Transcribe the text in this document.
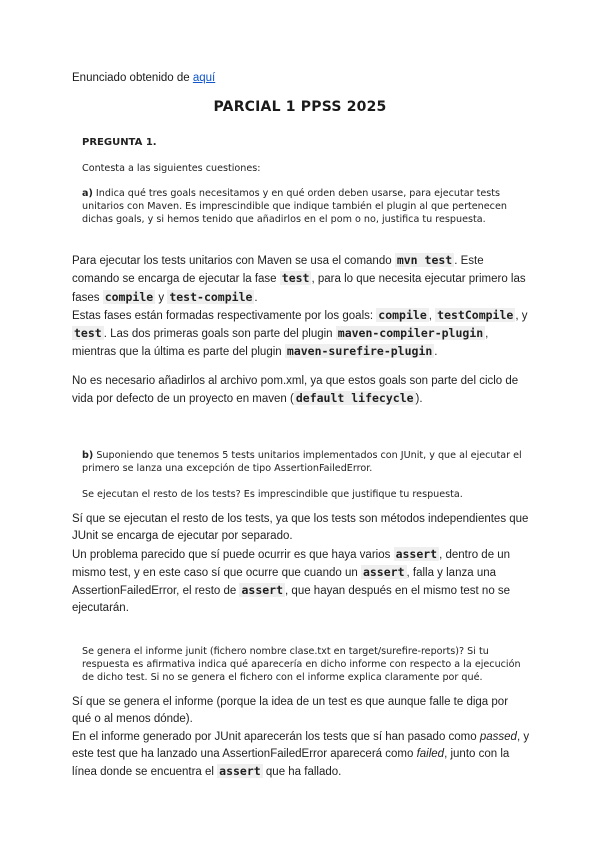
Enunciado obtenido de aquí
PARCIAL 1 PPSS 2025
PREGUNTA 1.
Contesta a las siguientes cuestiones:
a) Indica qué tres goals necesitamos y en qué orden deben usarse, para ejecutar tests
unitarios con Maven. Es imprescindible que indique también el plugin al que pertenecen
dichas goals, y si hemos tenido que añadirlos en el pom o no, justifica tu respuesta.

Para ejecutar los tests unitarios con Maven se usa el comando mvn test . Este comando se encarga de ejecutar la fase test , para lo que necesita ejecutar primero las fases compile y test-compile .

Estas fases están formadas respectivamente por los goals: compile , testCompile , y test . Las dos primeras goals son parte del plugin maven-compiler-plugin , mientras que la última es parte del plugin maven-surefire-plugin .

No es necesario añadirlos al archivo pom.xml, ya que estos goals son parte del ciclo de vida por defecto de un proyecto en maven ( default lifecycle ).

b) Suponiendo que tenemos 5 tests unitarios implementados con JUnit, y que al ejecutar el
primero se lanza una excepción de tipo AssertionFailedError.
Se ejecutan el resto de los tests? Es imprescindible que justifique tu respuesta.

Sí que se ejecutan el resto de los tests, ya que los tests son métodos independientes que JUnit se encarga de ejecutar por separado.

Un problema parecido que sí puede ocurrir es que haya varios assert , dentro de un mismo test, y en este caso sí que ocurre que cuando un assert , falla y lanza una AssertionFailedError, el resto de assert , que hayan después en el mismo test no se ejecutarán.

Se genera el informe junit (fichero nombre clase.txt en target/surefire-reports)? Si tu
respuesta es afirmativa indica qué aparecería en dicho informe con respecto a la ejecución
de dicho test. Si no se genera el fichero con el informe explica claramente por qué.

Sí que se genera el informe (porque la idea de un test es que aunque falle te diga por qué o al menos dónde).

En el informe generado por JUnit aparecerán los tests que sí han pasado como passed, y este test que ha lanzado una AssertionFailedError aparecerá como failed, junto con la línea donde se encuentra el assert que ha fallado.
